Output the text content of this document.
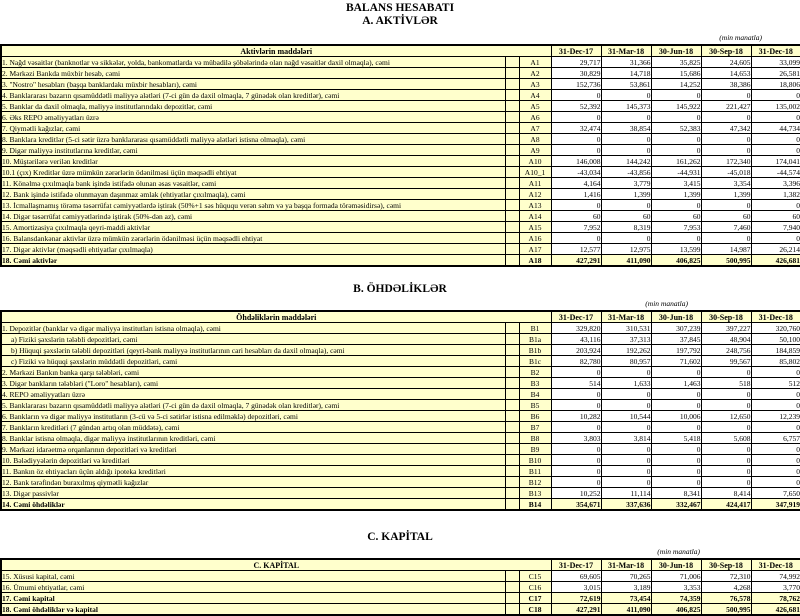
BALANS HESABATI
A. AKTİVLƏR
(min manatla)
Aktivlərin maddələri			31-Dec-17	31-Mar-18	30-Jun-18	30-Sep-18	31-Dec-18
1. Nağd vəsaitlər (banknotlar və sikkələr, yolda, bankomatlarda və mübadilə şöbələrində olan nağd vəsaitlər daxil olmaqla), cəmi		A1	29,717	31,366	35,825	24,605	33,099
2. Mərkəzi Bankda müxbir hesab, cəmi		A2	30,829	14,718	15,686	14,653	26,581
3. "Nostro" hesabları (başqa banklardakı müxbir hesabları), cəmi		A3	152,736	53,861	14,252	38,386	18,806
4. Banklararası bazarın qısamüddətli maliyyə alətləri (7-ci gün də daxil olmaqla, 7 günədək olan kreditlər), cəmi		A4	0	0	0	0	0
5. Banklar da daxil olmaqla, maliyyə institutlarındakı depozitlər, cəmi		A5	52,392	145,373	145,922	221,427	135,002
6. Əks REPO əməliyyatları üzrə		A6	0	0	0	0	0
7. Qiymətli kağızlar, cəmi		A7	32,474	38,854	52,383	47,342	44,734
8. Banklara kreditlər (5-ci sətir üzrə banklararası qısamüddətli maliyyə alətləri istisna olmaqla), cəmi		A8	0	0	0	0	0
9. Digər maliyyə institutlarına kreditlər, cəmi		A9	0	0	0	0	0
10. Müştərilərə verilən kreditlər		A10	146,008	144,242	161,262	172,340	174,041
10.1 (çıx) Kreditlər üzrə mümkün zərərlərin ödənilməsi üçün məqsədli ehtiyat		A10_1	-43,034	-43,856	-44,931	-45,018	-44,574
11. Könəlmə çıxılmaqla bank işində istifadə olunan əsas vəsaitlər, cəmi		A11	4,164	3,779	3,415	3,354	3,396
12. Bank işində istifadə olunmayan daşınmaz əmlak (ehtiyatlar çıxılmaqla), cəmi		A12	1,416	1,399	1,399	1,399	1,382
13. İcmallaşmamış törəmə təsərrüfat cəmiyyətlərdə iştirak (50%+1 səs hüququ verən səhm və ya başqa formada törəməsidirsə), cəmi		A13	0	0	0	0	0
14. Digər təsərrüfat cəmiyyətlərində iştirak (50%-dən az), cəmi		A14	60	60	60	60	60
15. Amortizasiya çıxılmaqla qeyri-maddi aktivlər		A15	7,952	8,319	7,953	7,460	7,940
16. Balansdankənar aktivlər üzrə mümkün zərərlərin ödənilməsi üçün məqsədli ehtiyat		A16	0	0	0	0	0
17. Digər aktivlər (məqsədli ehtiyatlar çıxılmaqla)		A17	12,577	12,975	13,599	14,987	26,214
18. Cəmi aktivlər		A18	427,291	411,090	406,825	500,995	426,681
B. ÖHDƏLİKLƏR
(min manatla)
Öhdəliklərin maddələri			31-Dec-17	31-Mar-18	30-Jun-18	30-Sep-18	31-Dec-18
1. Depozitlər (banklar və digər maliyyə institutları istisna olmaqla), cəmi		B1	329,820	310,531	307,239	397,227	320,760
a) Fiziki şəxslərin tələbli depozitləri, cəmi		B1a	43,116	37,313	37,845	48,904	50,100
b) Hüquqi şəxslərin tələbli depozitləri (qeyri-bank maliyyə institutlarının cari hesabları da daxil olmaqla), cəmi		B1b	203,924	192,262	197,792	248,756	184,859
c) Fiziki və hüquqi şəxslərin müddətli depozitləri, cəmi		B1c	82,780	80,957	71,602	99,567	85,802
2. Mərkəzi Bankın banka qarşı tələbləri, cəmi		B2	0	0	0	0	0
3. Digər bankların tələbləri ("Loro" hesabları), cəmi		B3	514	1,633	1,463	518	512
4. REPO əməliyyatları üzrə		B4	0	0	0	0	0
5. Banklararası bazarın qısamüddətli maliyyə alətləri (7-ci gün də daxil olmaqla, 7 günədək olan kreditlər), cəmi		B5	0	0	0	0	0
6. Bankların və digər maliyyə institutların (3-cü və 5-ci sətirlər istisna edilməklə) depozitləri, cəmi		B6	10,282	10,544	10,006	12,650	12,239
7. Bankların kreditləri (7 gündən artıq olan müddətə), cəmi		B7	0	0	0	0	0
8. Banklar istisna olmaqla, digər maliyyə institutlarının kreditləri, cəmi		B8	3,803	3,814	5,418	5,608	6,757
9. Mərkəzi idarəetmə orqanlarının depozitləri və kreditləri		B9	0	0	0	0	0
10. Bələdiyyələrin depozitləri və kreditləri		B10	0	0	0	0	0
11. Bankın öz ehtiyacları üçün aldığı ipoteka kreditləri		B11	0	0	0	0	0
12. Bank tərəfindən buraxılmış qiymətli kağızlar		B12	0	0	0	0	0
13. Digər passivlər		B13	10,252	11,114	8,341	8,414	7,650
14. Cəmi öhdəliklər		B14	354,671	337,636	332,467	424,417	347,919
C. KAPİTAL
(min manatla)
C. KAPİTAL			31-Dec-17	31-Mar-18	30-Jun-18	30-Sep-18	31-Dec-18
15. Xüsusi kapital, cəmi		C15	69,605	70,265	71,006	72,310	74,992
16. Ümumi ehtiyatlar, cəmi		C16	3,015	3,189	3,353	4,268	3,770
17. Cəmi kapital		C17	72,619	73,454	74,359	76,578	78,762
18. Cəmi öhdəliklər və kapital		C18	427,291	411,090	406,825	500,995	426,681
